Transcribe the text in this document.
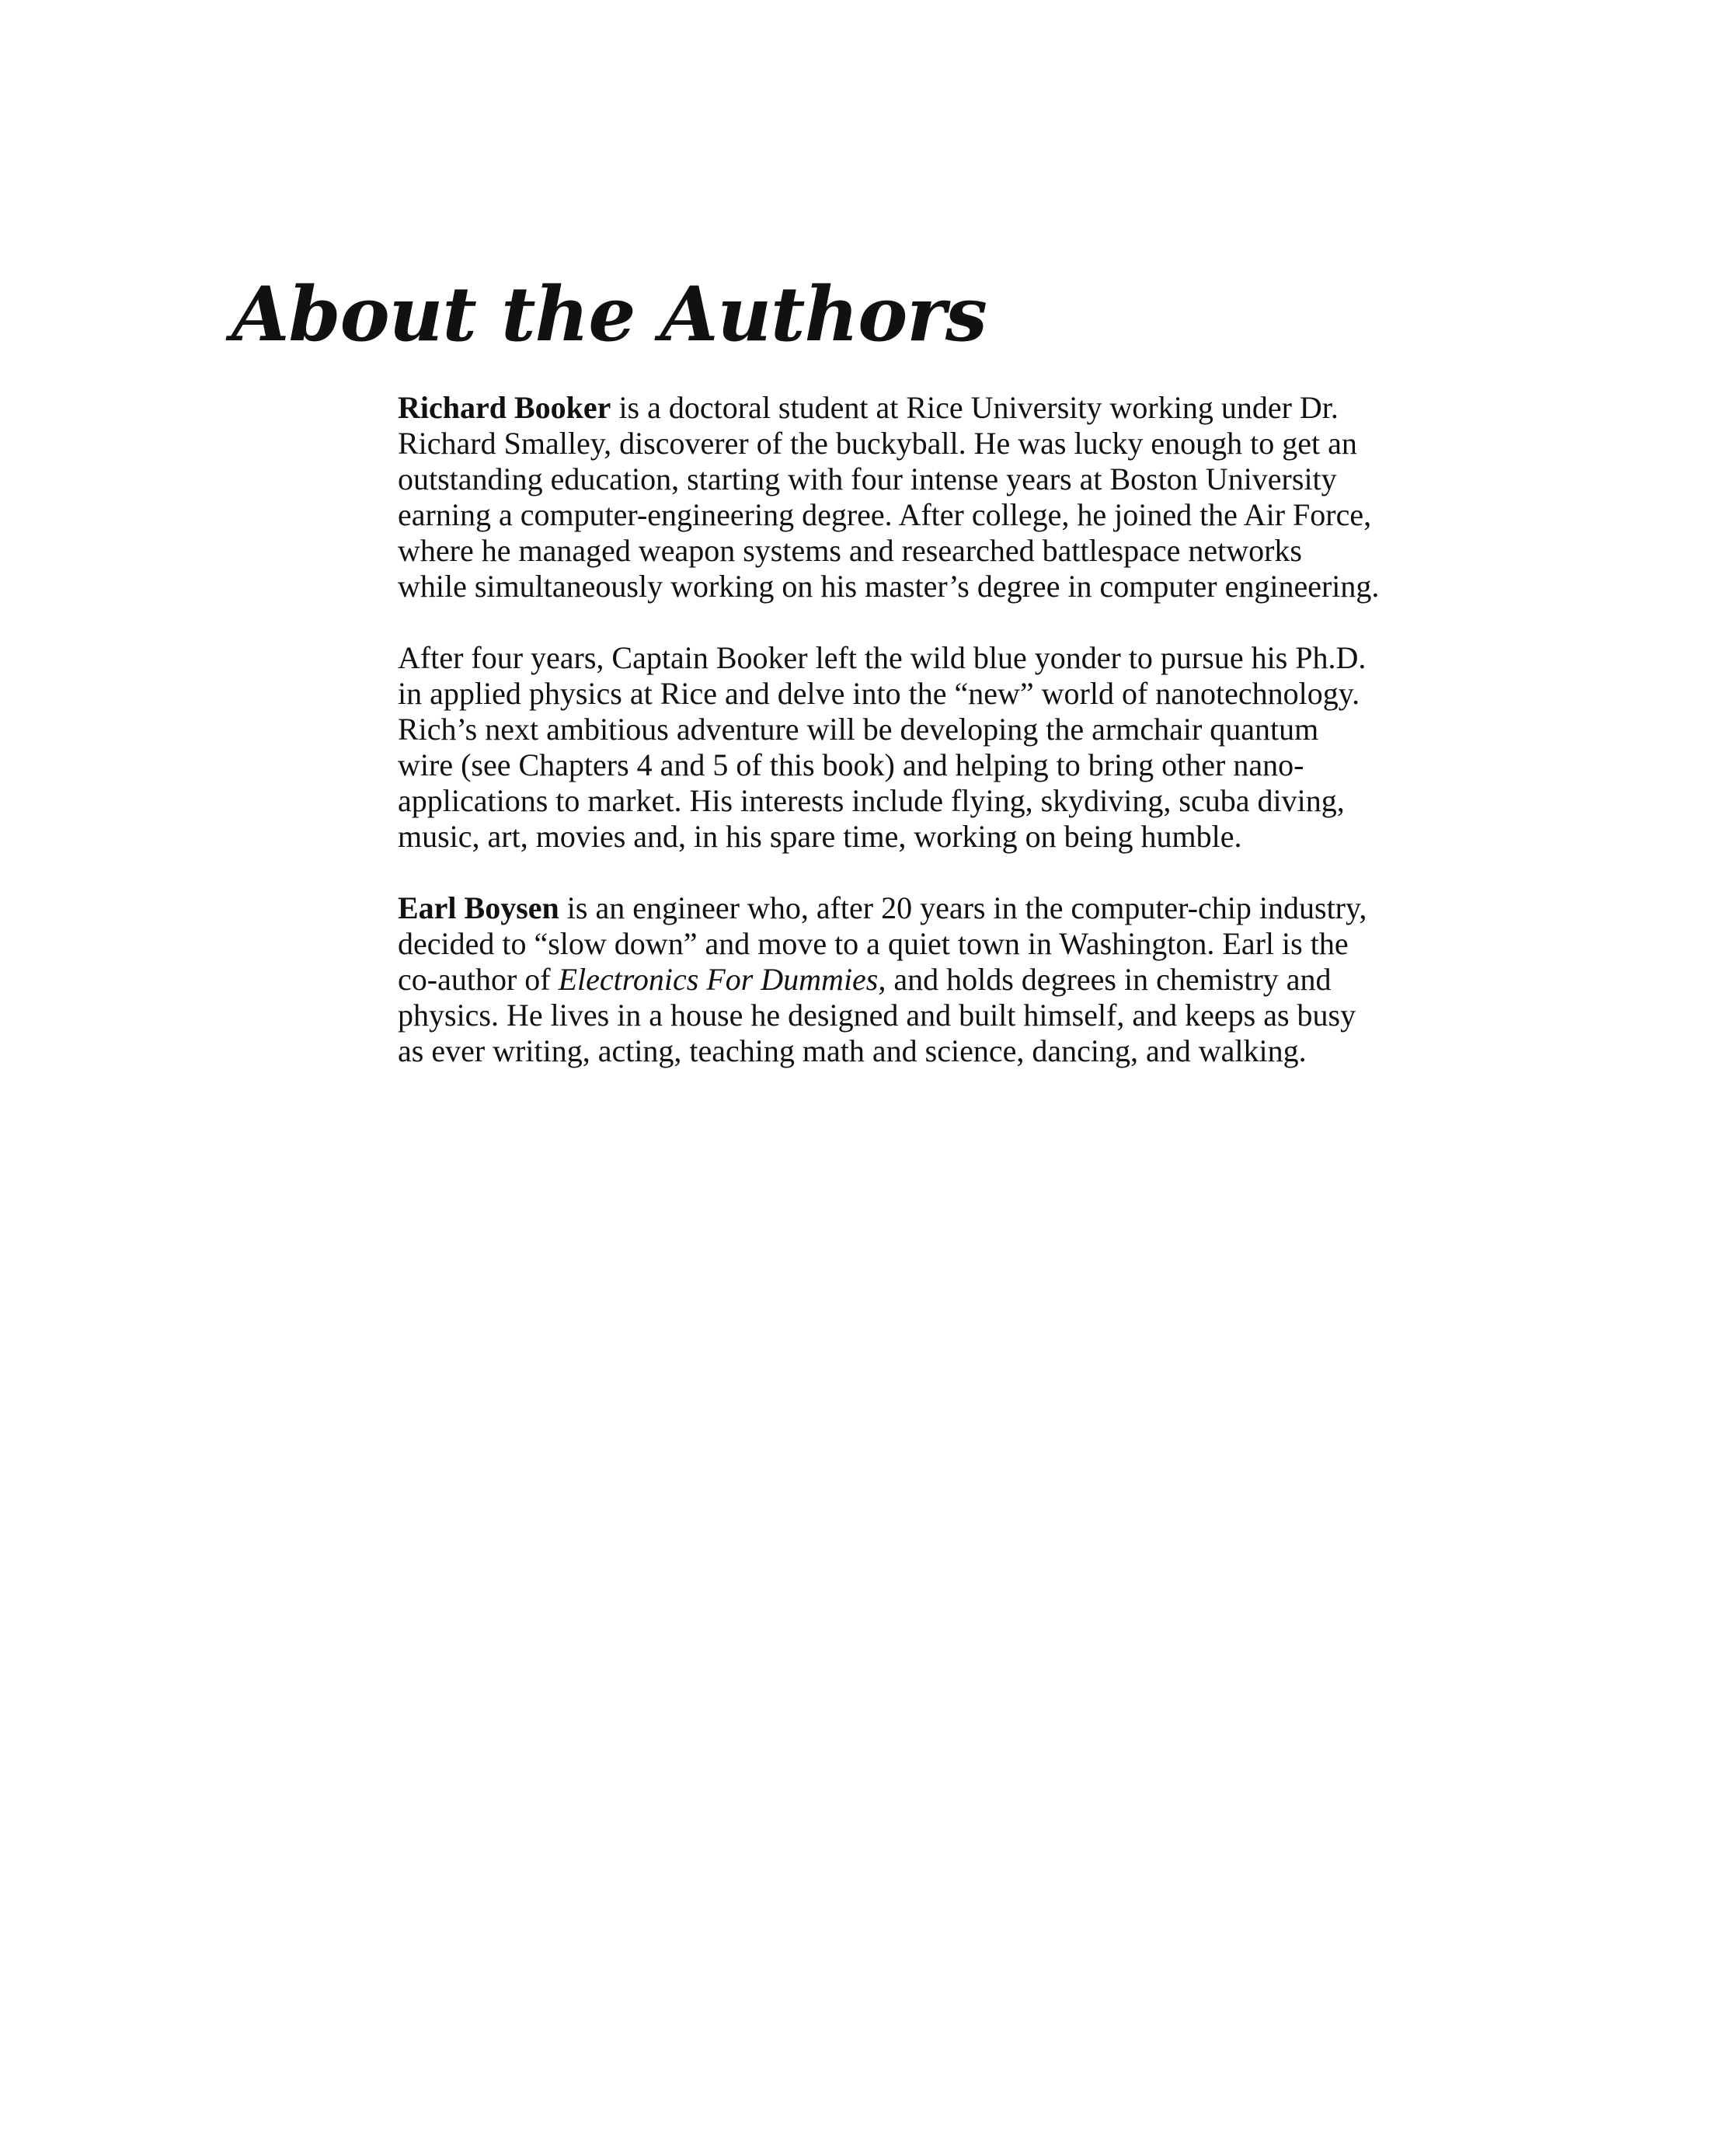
About the Authors

Richard Booker is a doctoral student at Rice University working under Dr.
Richard Smalley, discoverer of the buckyball. He was lucky enough to get an
outstanding education, starting with four intense years at Boston University
earning a computer-engineering degree. After college, he joined the Air Force,
where he managed weapon systems and researched battlespace networks
while simultaneously working on his master’s degree in computer engineering.

After four years, Captain Booker left the wild blue yonder to pursue his Ph.D.
in applied physics at Rice and delve into the “new” world of nanotechnology.
Rich’s next ambitious adventure will be developing the armchair quantum
wire (see Chapters 4 and 5 of this book) and helping to bring other nano-
applications to market. His interests include flying, skydiving, scuba diving,
music, art, movies and, in his spare time, working on being humble.

Earl Boysen is an engineer who, after 20 years in the computer-chip industry,
decided to “slow down” and move to a quiet town in Washington. Earl is the
co-author of Electronics For Dummies, and holds degrees in chemistry and
physics. He lives in a house he designed and built himself, and keeps as busy
as ever writing, acting, teaching math and science, dancing, and walking.
